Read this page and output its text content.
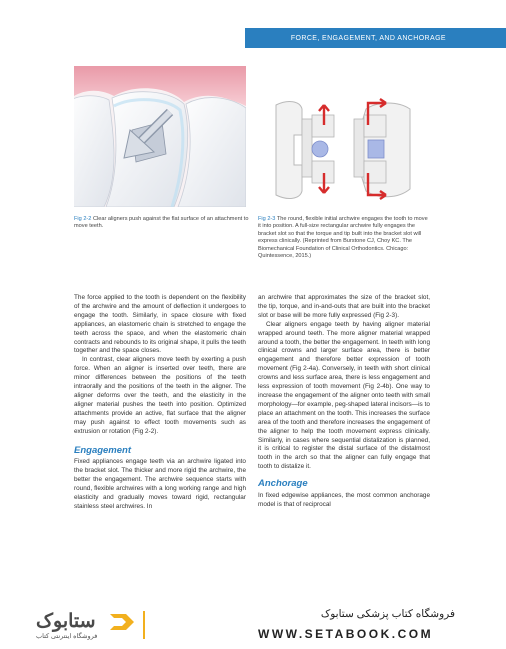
FORCE, ENGAGEMENT, AND ANCHORAGE
Fig 2-2 Clear aligners push against the flat surface of an attachment to move teeth.
Fig 2-3 The round, flexible initial archwire engages the tooth to move it into position. A full-size rectangular archwire fully engages the bracket slot so that the torque and tip built into the bracket slot will express clinically. (Reprinted from Burstone CJ, Choy KC. The Biomechanical Foundation of Clinical Orthodontics. Chicago: Quintessence, 2015.)

The force applied to the tooth is dependent on the flexibility of the archwire and the amount of deflection it undergoes to engage the tooth. Similarly, in space closure with fixed appliances, an elastomeric chain is stretched to engage the teeth across the space, and when the elastomeric chain contracts and rebounds to its original shape, it pulls the teeth together and the space closes.

In contrast, clear aligners move teeth by exerting a push force. When an aligner is inserted over teeth, there are minor differences between the positions of the teeth intraorally and the positions of the teeth in the aligner. The aligner deforms over the teeth, and the elasticity in the aligner material pushes the teeth into position. Optimized attachments provide an active, flat surface that the aligner may push against to effect tooth movements such as extrusion or rotation (Fig 2-2).

Engagement

Fixed appliances engage teeth via an archwire ligated into the bracket slot. The thicker and more rigid the archwire, the better the engagement. The archwire sequence starts with round, flexible archwires with a long working range and high elasticity and gradually moves toward rigid, rectangular stainless steel archwires. In

an archwire that approximates the size of the bracket slot, the tip, torque, and in-and-outs that are built into the bracket slot or base will be more fully expressed (Fig 2-3).

Clear aligners engage teeth by having aligner material wrapped around teeth. The more aligner material wrapped around a tooth, the better the engagement. In teeth with long clinical crowns and larger surface area, there is better engagement and therefore better expression of tooth movement (Fig 2-4a). Conversely, in teeth with short clinical crowns and less surface area, there is less engagement and less expression of tooth movement (Fig 2-4b). One way to increase the engagement of the aligner onto teeth with small morphology—for example, peg-shaped lateral incisors—is to place an attachment on the tooth. This increases the surface area of the tooth and therefore increases the engagement of the aligner to help the tooth movement express clinically. Similarly, in cases where sequential distalization is planned, it is critical to register the distal surface of the distalmost tooth in the arch so that the aligner can fully engage that tooth to distalize it.

Anchorage

In fixed edgewise appliances, the most common anchorage model is that of reciprocal

ستابوک
فروشگاه اینترنتی کتاب
فروشگاه کتاب پزشکی ستابوک
WWW.SETABOOK.COM
